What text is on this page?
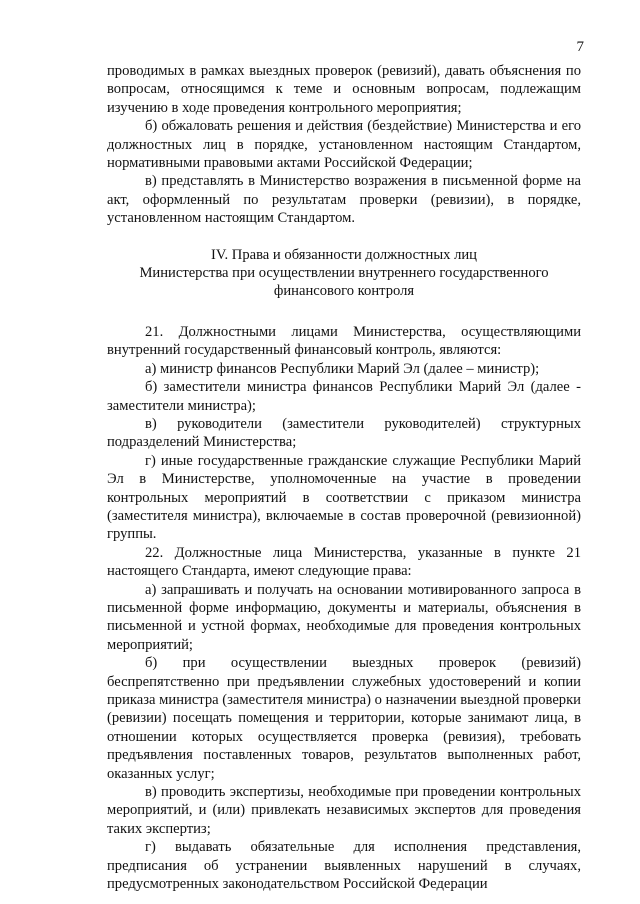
7

проводимых в рамках выездных проверок (ревизий), давать объяснения по вопросам, относящимся к теме и основным вопросам, подлежащим изучению в ходе проведения контрольного мероприятия;

б) обжаловать решения и действия (бездействие) Министерства и его должностных лиц в порядке, установленном настоящим Стандартом, нормативными правовыми актами Российской Федерации;

в) представлять в Министерство возражения в письменной форме на акт, оформленный по результатам проверки (ревизии), в порядке, установленном настоящим Стандартом.

IV. Права и обязанности должностных лиц
Министерства при осуществлении внутреннего государственного
финансового контроля

21. Должностными лицами Министерства, осуществляющими внутренний государственный финансовый контроль, являются:

а) министр финансов Республики Марий Эл (далее – министр);

б) заместители министра финансов Республики Марий Эл (далее - заместители министра);

в) руководители (заместители руководителей) структурных подразделений Министерства;

г) иные государственные гражданские служащие Республики Марий Эл в Министерстве, уполномоченные на участие в проведении контрольных мероприятий в соответствии с приказом министра (заместителя министра), включаемые в состав проверочной (ревизионной) группы.

22. Должностные лица Министерства, указанные в пункте 21 настоящего Стандарта, имеют следующие права:

а) запрашивать и получать на основании мотивированного запроса в письменной форме информацию, документы и материалы, объяснения в письменной и устной формах, необходимые для проведения контрольных мероприятий;

б) при осуществлении выездных проверок (ревизий) беспрепятственно при предъявлении служебных удостоверений и копии приказа министра (заместителя министра) о назначении выездной проверки (ревизии) посещать помещения и территории, которые занимают лица, в отношении которых осуществляется проверка (ревизия), требовать предъявления поставленных товаров, результатов выполненных работ, оказанных услуг;

в) проводить экспертизы, необходимые при проведении контрольных мероприятий, и (или) привлекать независимых экспертов для проведения таких экспертиз;

г) выдавать обязательные для исполнения представления, предписания об устранении выявленных нарушений в случаях, предусмотренных законодательством Российской Федерации
